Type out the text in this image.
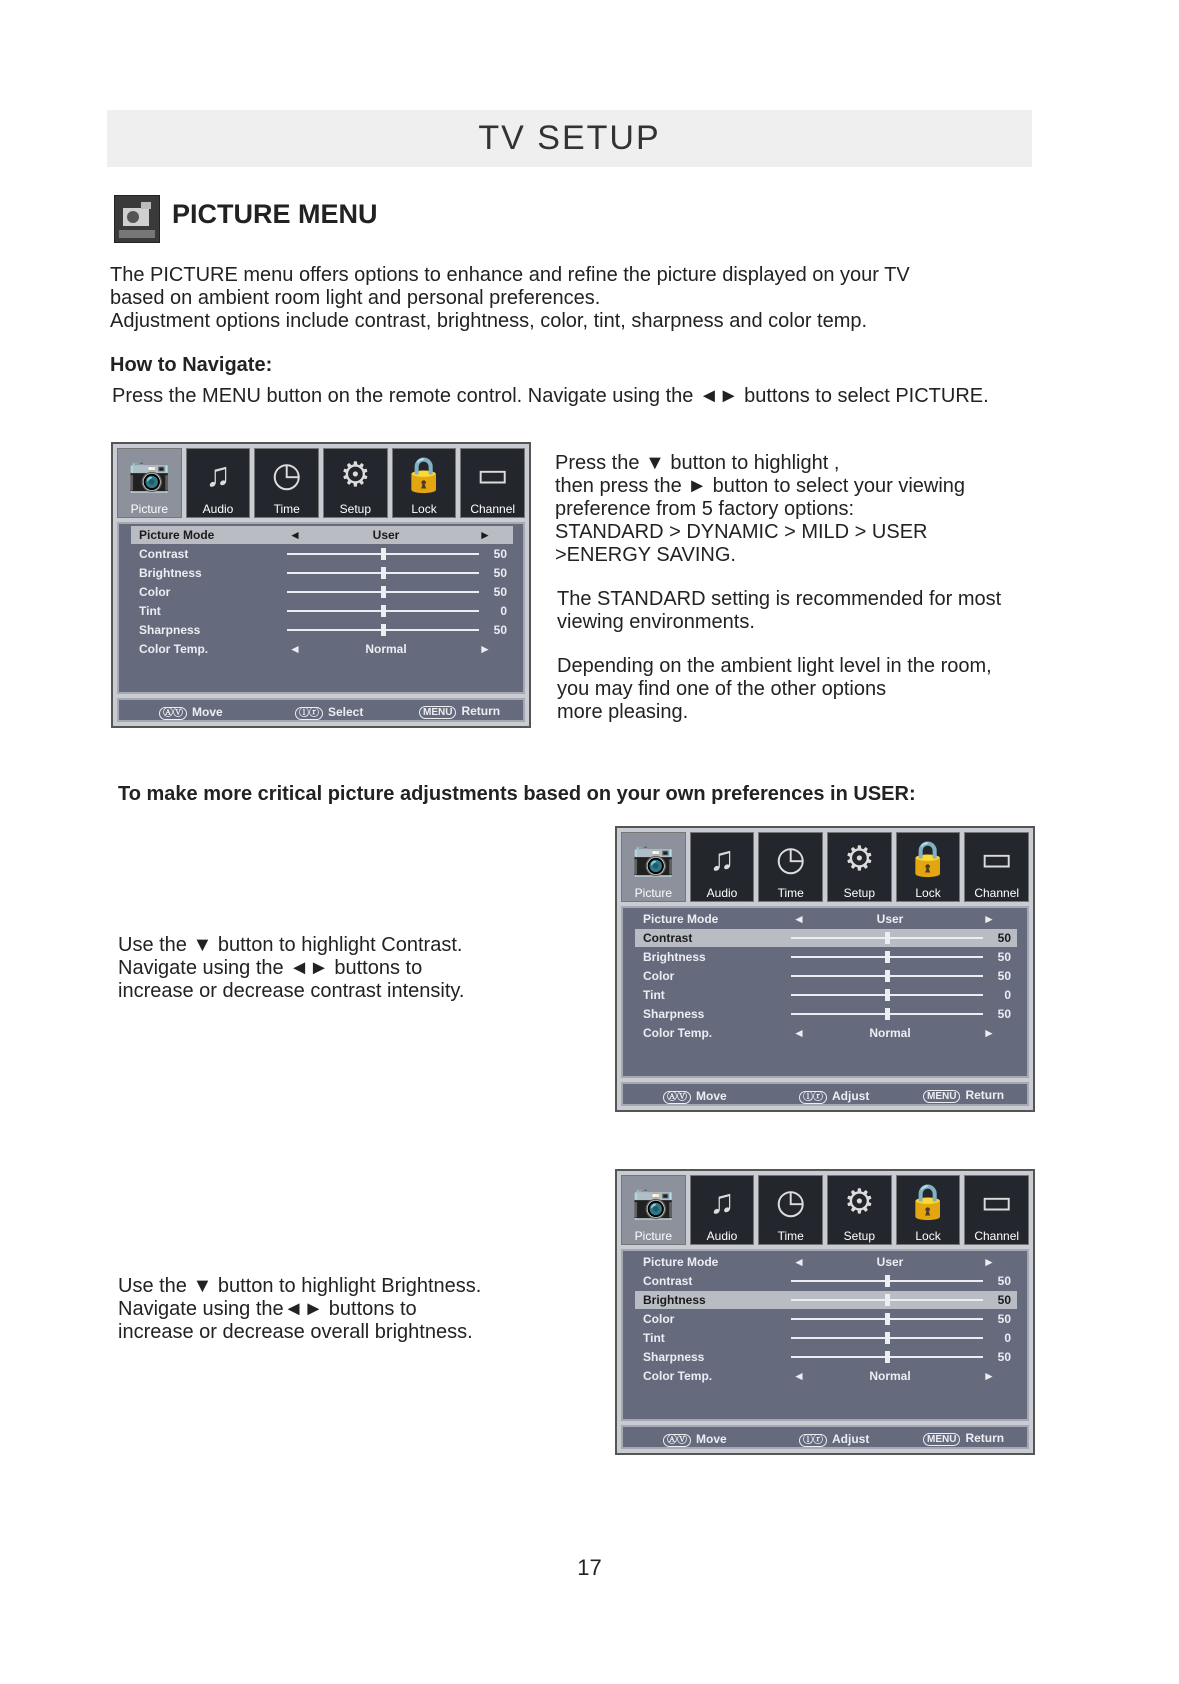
TV SETUP
PICTURE MENU

The PICTURE menu offers options to enhance and refine the picture displayed on your TV

based on ambient room light and personal preferences.

Adjustment options include contrast, brightness, color, tint, sharpness and color temp.

How to Navigate:
Press the MENU button on the remote control. Navigate using the ◄► buttons to select PICTURE.
📷
Picture
♫
Audio
◷
Time
⚙
Setup
🔒
Lock
▭
Channel
Picture Mode	◄	User	►
Contrast	50
Brightness	50
Color	50
Tint	0
Sharpness	50
Color Temp.	◄	Normal	►
ⒶⓋ Move	ⓛⓡ Select	MENU Return

Press the ▼ button to highlight ,

then press the ► button to select your viewing

preference from 5 factory options:

STANDARD > DYNAMIC > MILD > USER

>ENERGY SAVING.

The STANDARD setting is recommended for most

viewing environments.

Depending on the ambient light level in the room,

you may find one of the other options

more pleasing.

To make more critical picture adjustments based on your own preferences in USER:

Use the ▼ button to highlight Contrast.

Navigate using the ◄► buttons to

increase or decrease contrast intensity.

📷
Picture
♫
Audio
◷
Time
⚙
Setup
🔒
Lock
▭
Channel
Picture Mode	◄	User	►
Contrast	50
Brightness	50
Color	50
Tint	0
Sharpness	50
Color Temp.	◄	Normal	►
ⒶⓋ Move	ⓛⓡ Adjust	MENU Return

Use the ▼ button to highlight Brightness.

Navigate using the◄► buttons to

increase or decrease overall brightness.

📷
Picture
♫
Audio
◷
Time
⚙
Setup
🔒
Lock
▭
Channel
Picture Mode	◄	User	►
Contrast	50
Brightness	50
Color	50
Tint	0
Sharpness	50
Color Temp.	◄	Normal	►
ⒶⓋ Move	ⓛⓡ Adjust	MENU Return
17
